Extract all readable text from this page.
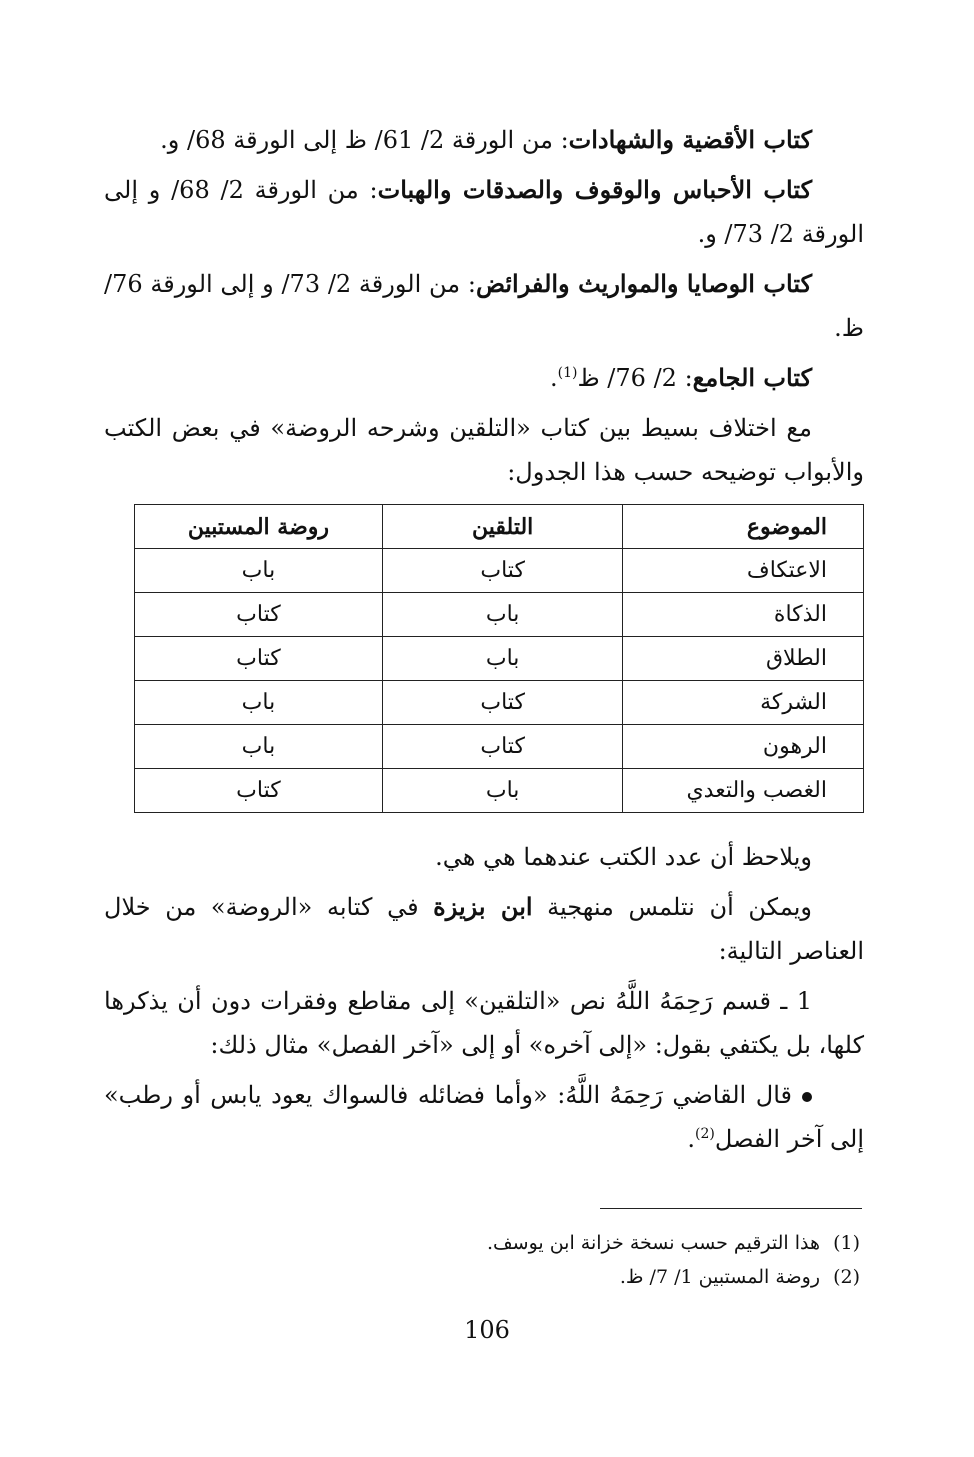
كتاب الأقضية والشهادات: من الورقة 2/ 61/ ظ إلى الورقة 68/ و.

كتاب الأحباس والوقوف والصدقات والهبات: من الورقة 2/ 68/ و إلى الورقة 2/ 73/ و.

كتاب الوصايا والمواريث والفرائض: من الورقة 2/ 73/ و إلى الورقة 76/ ظ.

كتاب الجامع: 2/ 76/ ظ$^{(1)}$.

مع اختلاف بسيط بين كتاب «التلقين وشرحه الروضة» في بعض الكتب والأبواب توضيحه حسب هذا الجدول:

الموضوع	التلقين	روضة المستبين
الاعتكاف	كتاب	باب
الذكاة	باب	كتاب
الطلاق	باب	كتاب
الشركة	كتاب	باب
الرهون	كتاب	باب
الغصب والتعدي	باب	كتاب

ويلاحظ أن عدد الكتب عندهما هي هي.

ويمكن أن نتلمس منهجية ابن بزيزة في كتابه «الروضة» من خلال العناصر التالية:

1 ـ قسم رَحِمَهُ اللَّهُ نص «التلقين» إلى مقاطع وفقرات دون أن يذكرها كلها، بل يكتفي بقول: «إلى آخره» أو إلى «آخر الفصل» مثال ذلك:

قال القاضي رَحِمَهُ اللَّهُ: «وأما فضائله فالسواك يعود يابس أو رطب» إلى آخر الفصل$^{(2)}$.

(1)هذا الترقيم حسب نسخة خزانة ابن يوسف.
(2)روضة المستبين 1/ 7/ ظ.
106
